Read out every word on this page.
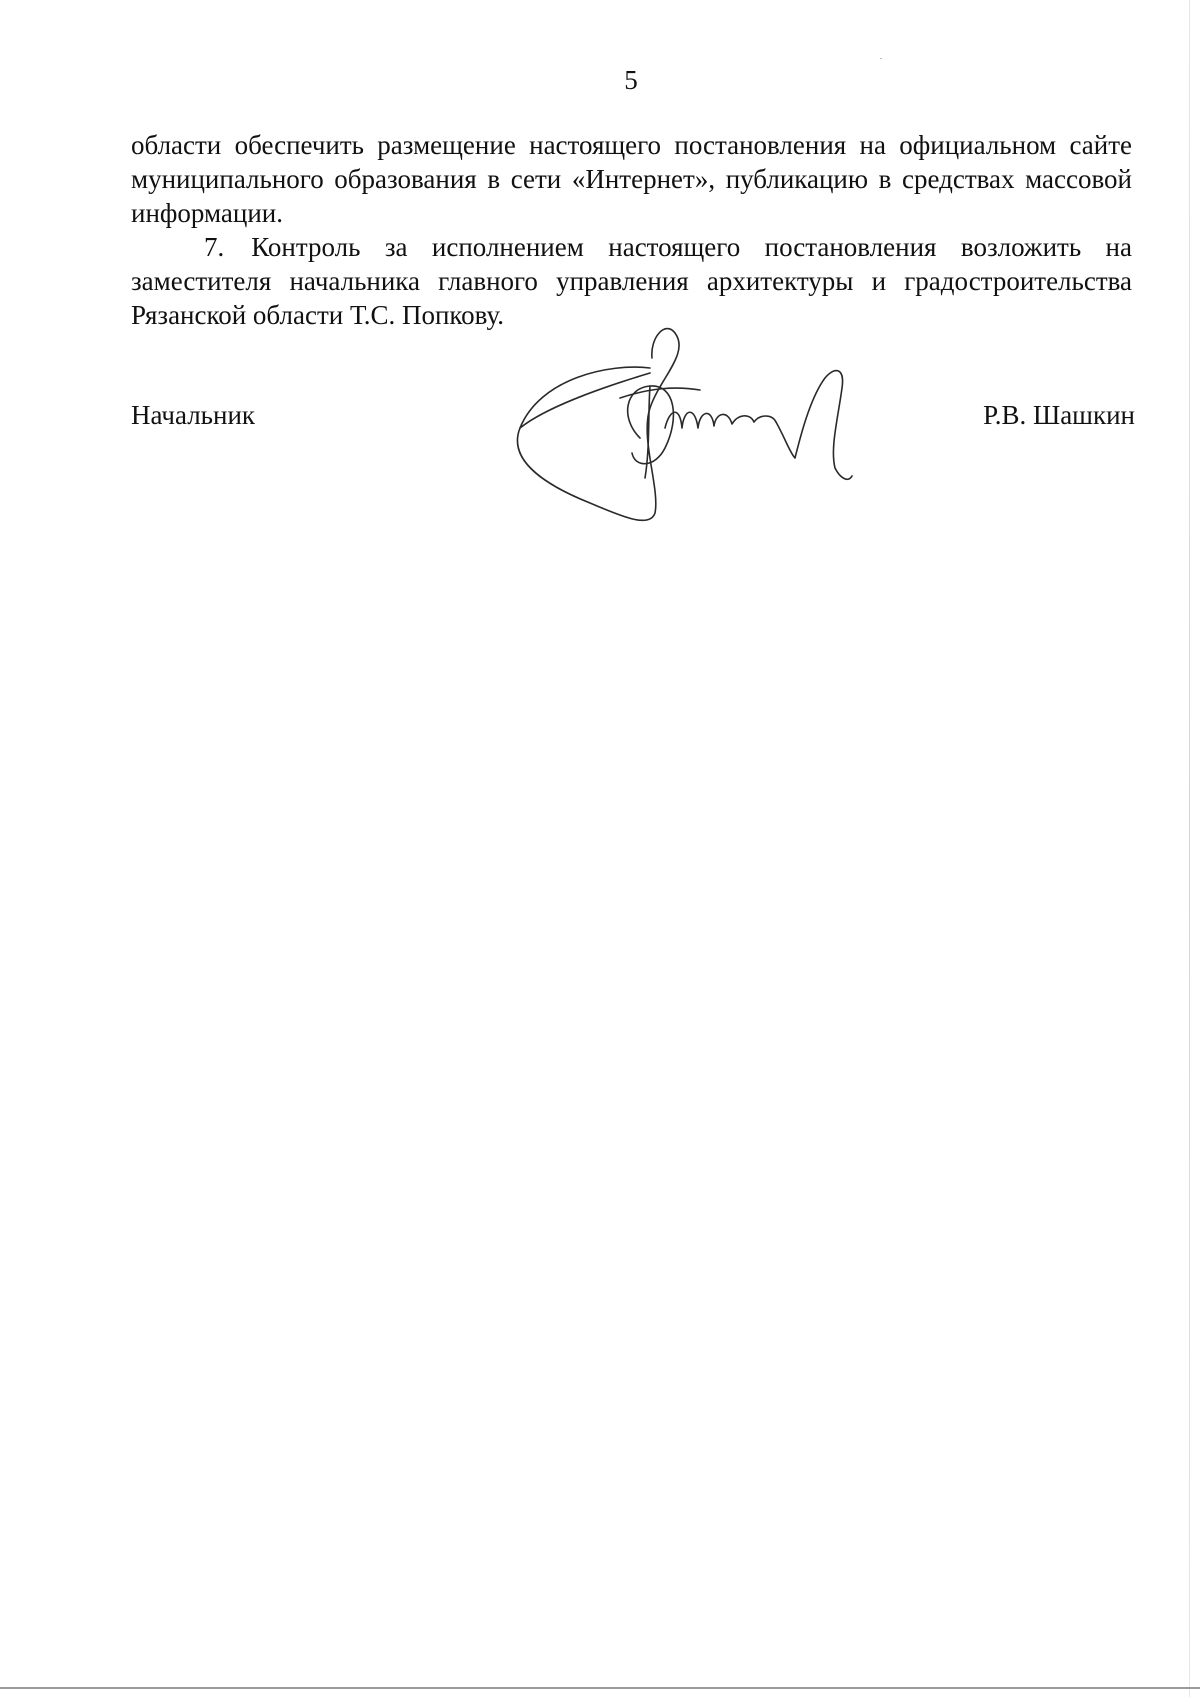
5

области обеспечить размещение настоящего постановления на официальном сайте муниципального образования в сети «Интернет», публикацию в средствах массовой информации.

7. Контроль за исполнением настоящего постановления возложить на заместителя начальника главного управления архитектуры и градостроительства Рязанской области Т.С. Попкову.

Начальник	Р.В. Шашкин
